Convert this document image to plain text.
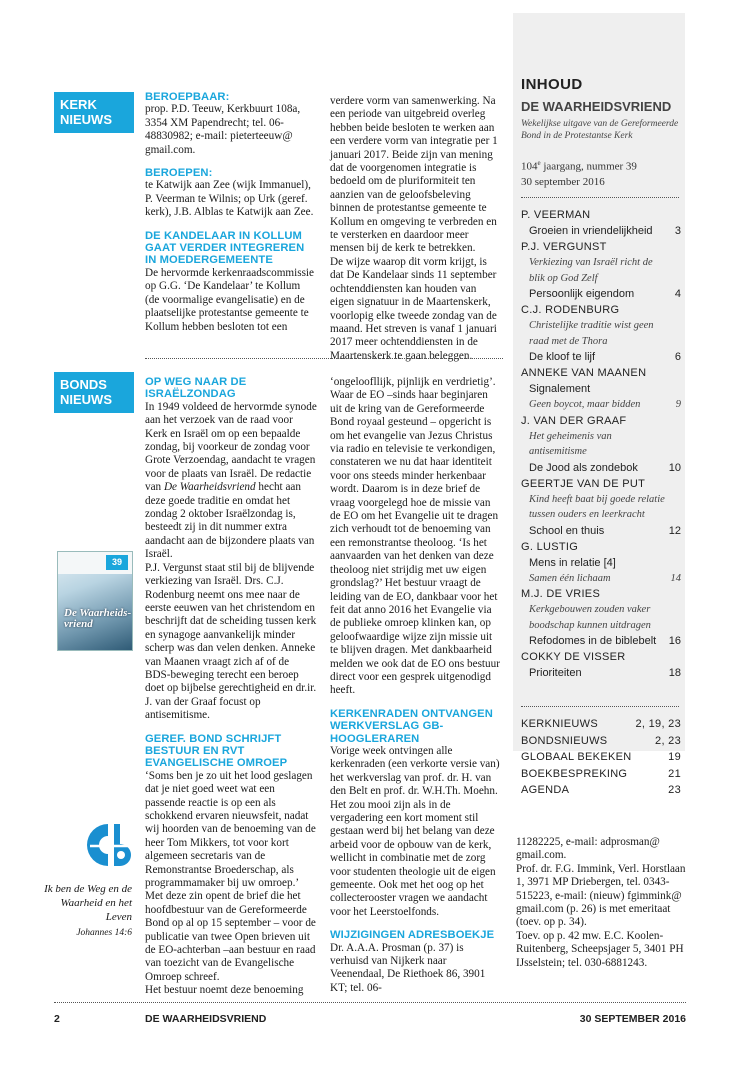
KERK
NIEUWS
BONDS
NIEUWS
BEROEPBAAR:

prop. P.D. Teeuw, Kerkbuurt 108a, 3354 XM Papendrecht; tel. 06-48830982; e-mail: pieterteeuw@ gmail.com.

BEROEPEN:

te Katwijk aan Zee (wijk Immanuel), P. Veerman te Wilnis; op Urk (geref. kerk), J.B. Alblas te Katwijk aan Zee.

DE KANDELAAR IN KOLLUM GAAT VERDER INTEGREREN IN MOEDERGEMEENTE

De hervormde kerkenraadscommissie op G.G. ‘De Kandelaar’ te Kollum (de voormalige evangelisatie) en de plaatselijke protestantse gemeente te Kollum hebben besloten tot een

verdere vorm van samenwerking. Na een periode van uitgebreid overleg hebben beide besloten te werken aan een verdere vorm van integratie per 1 januari 2017. Beide zijn van mening dat de voorgenomen integratie is bedoeld om de pluriformiteit ten aanzien van de geloofsbeleving binnen de protestantse gemeente te Kollum en omgeving te verbreden en te versterken en daardoor meer mensen bij de kerk te betrekken.

De wijze waarop dit vorm krijgt, is dat De Kandelaar sinds 11 september ochtenddiensten kan houden van eigen signatuur in de Maartenskerk, voorlopig elke tweede zondag van de maand. Het streven is vanaf 1 januari 2017 meer ochtenddiensten in de Maartenskerk te gaan beleggen.

OP WEG NAAR DE ISRAËLZONDAG

In 1949 voldeed de hervormde synode aan het verzoek van de raad voor Kerk en Israël om op een bepaalde zondag, bij voorkeur de zondag voor Grote Verzoendag, aandacht te vragen voor de plaats van Israël. De redactie van De Waarheidsvriend hecht aan deze goede traditie en omdat het zondag 2 oktober Israëlzondag is, besteedt zij in dit nummer extra aandacht aan de bijzondere plaats van Israël.

P.J. Vergunst staat stil bij de blijvende verkiezing van Israël. Drs. C.J. Rodenburg neemt ons mee naar de eerste eeuwen van het christendom en beschrijft dat de scheiding tussen kerk en synagoge aanvankelijk minder scherp was dan velen denken. Anneke van Maanen vraagt zich af of de BDS-beweging terecht een beroep doet op bijbelse gerechtigheid en dr.ir. J. van der Graaf focust op antisemitisme.

GEREF. BOND SCHRIJFT BESTUUR EN RVT EVANGELISCHE OMROEP

‘Soms ben je zo uit het lood geslagen dat je niet goed weet wat een passende reactie is op een als schokkend ervaren nieuwsfeit, nadat wij hoorden van de benoeming van de heer Tom Mikkers, tot voor kort algemeen secretaris van de Remonstrantse Broederschap, als programmamaker bij uw omroep.’ Met deze zin opent de brief die het hoofdbestuur van de Gereformeerde Bond op al op 15 september – voor de publicatie van twee Open brieven uit de EO-achterban –aan bestuur en raad van toezicht van de Evangelische Omroep schreef.

Het bestuur noemt deze benoeming

‘ongeloofllijk, pijnlijk en verdrietig’. Waar de EO –sinds haar beginjaren uit de kring van de Gereformeerde Bond royaal gesteund – opgericht is om het evangelie van Jezus Christus via radio en televisie te verkondigen, constateren we nu dat haar identiteit voor ons steeds minder herkenbaar wordt. Daarom is in deze brief de vraag voorgelegd hoe de missie van de EO om het Evangelie uit te dragen zich verhoudt tot de benoeming van een remonstrantse theoloog. ‘Is het aanvaarden van het denken van deze theoloog niet strijdig met uw eigen grondslag?’ Het bestuur vraagt de leiding van de EO, dankbaar voor het feit dat anno 2016 het Evangelie via de publieke omroep klinken kan, op geloofwaardige wijze zijn missie uit te blijven dragen. Met dankbaarheid melden we ook dat de EO ons bestuur direct voor een gesprek uitgenodigd heeft.

KERKENRADEN ONTVANGEN WERKVERSLAG GB-HOOGLERAREN

Vorige week ontvingen alle kerkenraden (een verkorte versie van) het werkverslag van prof. dr. H. van den Belt en prof. dr. W.H.Th. Moehn. Het zou mooi zijn als in de vergadering een kort moment stil gestaan werd bij het belang van deze arbeid voor de opbouw van de kerk, wellicht in combinatie met de zorg voor studenten theologie uit de eigen gemeente. Ook met het oog op het collecterooster vragen we aandacht voor het Leerstoelfonds.

WIJZIGINGEN ADRESBOEKJE

Dr. A.A.A. Prosman (p. 37) is verhuisd van Nijkerk naar Veenendaal, De Riethoek 86, 3901 KT; tel. 06-

11282225, e-mail: adprosman@ gmail.com.

Prof. dr. F.G. Immink, Verl. Horstlaan 1, 3971 MP Driebergen, tel. 0343-515223, e-mail: (nieuw) fgimmink@ gmail.com (p. 26) is met emeritaat (toev. op p. 34).

Toev. op p. 42 mw. E.C. Koolen-Ruitenberg, Scheepsjager 5, 3401 PH IJsselstein; tel. 030-6881243.

39
De Waarheids- vriend
Ik ben de Weg en de Waarheid en het Leven
Johannes 14:6
INHOUD
DE WAARHEIDSVRIEND
Wekelijkse uitgave van de Gereformeerde Bond in de Protestantse Kerk
104e jaargang, nummer 39
30 september 2016
P. VEERMAN
Groeien in vriendelijkheid 3
P.J. VERGUNST
Verkiezing van Israël richt de blik op God Zelf
Persoonlijk eigendom	4
C.J. RODENBURG
Christelijke traditie wist geen raad met de Thora
De kloof te lijf	6
ANNEKE VAN MAANEN
Signalement
Geen boycot, maar bidden	9
J. VAN DER GRAAF
Het geheimenis van antisemitisme
De Jood als zondebok	10
GEERTJE VAN DE PUT
Kind heeft baat bij goede relatie tussen ouders en leerkracht
School en thuis	12
G. LUSTIG
Mens in relatie [4]
Samen één lichaam	14
M.J. DE VRIES
Kerkgebouwen zouden vaker boodschap kunnen uitdragen
Refodomes in de biblebelt 16
COKKY DE VISSER
Prioriteiten	18
KERKNIEUWS	2, 19, 23
BONDSNIEUWS	2, 23
GLOBAAL BEKEKEN	19
BOEKBESPREKING	21
AGENDA	23
2	DE WAARHEIDSVRIEND	30 SEPTEMBER 2016
